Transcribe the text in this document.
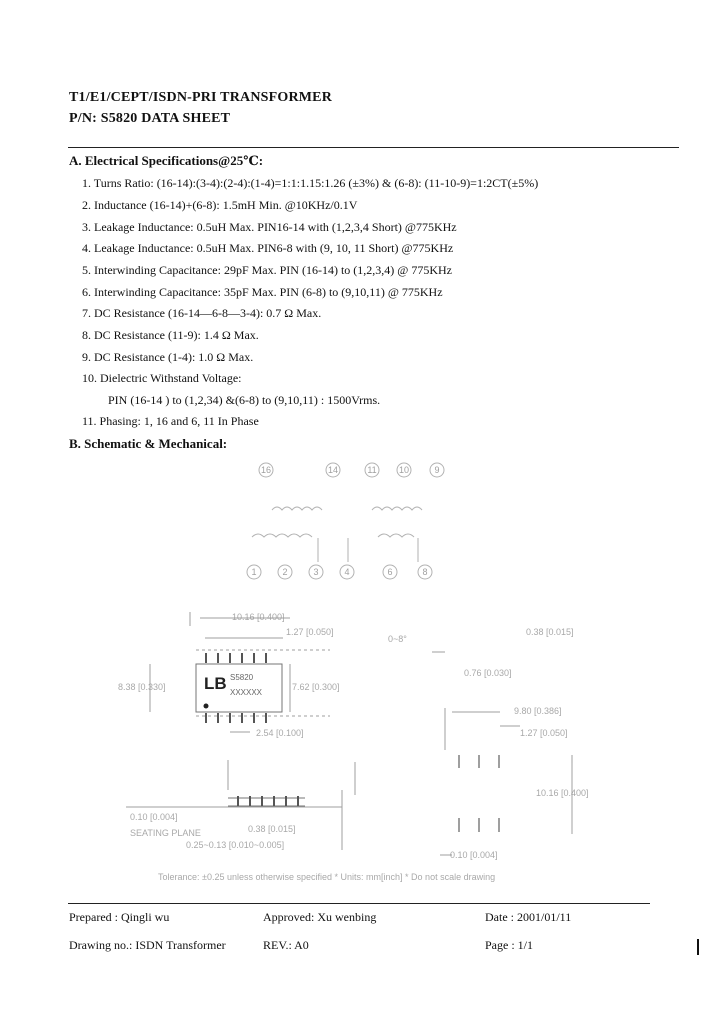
T1/E1/CEPT/ISDN-PRI TRANSFORMER
P/N: S5820 DATA SHEET
A. Electrical Specifications@25℃:
1. Turns Ratio: (16-14):(3-4):(2-4):(1-4)=1:1:1.15:1.26 (±3%) & (6-8): (11-10-9)=1:2CT(±5%)
2. Inductance (16-14)+(6-8): 1.5mH Min. @10KHz/0.1V
3. Leakage Inductance: 0.5uH Max. PIN16-14 with (1,2,3,4 Short) @775KHz
4. Leakage Inductance: 0.5uH Max. PIN6-8 with (9, 10, 11 Short) @775KHz
5. Interwinding Capacitance: 29pF Max. PIN (16-14) to (1,2,3,4) @ 775KHz
6. Interwinding Capacitance: 35pF Max. PIN (6-8) to (9,10,11) @ 775KHz
7. DC Resistance (16-14—6-8—3-4): 0.7 Ω Max.
8. DC Resistance (11-9): 1.4 Ω Max.
9. DC Resistance (1-4): 1.0 Ω Max.
10. Dielectric Withstand Voltage:
PIN (16-14 ) to (1,2,34) &(6-8) to (9,10,11) : 1500Vrms.
11. Phasing: 1, 16 and 6, 11 In Phase
B. Schematic & Mechanical:
16	14	11 10	9
1	2	3	4	6	8
LB S5820
XXXXXX
10.16 [0.400]
1.27 [0.050]
8.38 [0.330]	7.62 [0.300]
2.54 [0.100]
0~8°
0.38 [0.015]
0.76 [0.030]
9.80 [0.386]
1.27 [0.050]
10.16 [0.400]
0.10 [0.004]
0.38 [0.015]
0.25~0.13 [0.010~0.005]
0.10 [0.004]
SEATING PLANE
Tolerance: ±0.25 unless otherwise specified * Units: mm[inch] * Do not scale drawing
Prepared : Qingli wu	Approved: Xu wenbing	Date : 2001/01/11
Drawing no.: ISDN Transformer	REV.: A0	Page : 1/1
